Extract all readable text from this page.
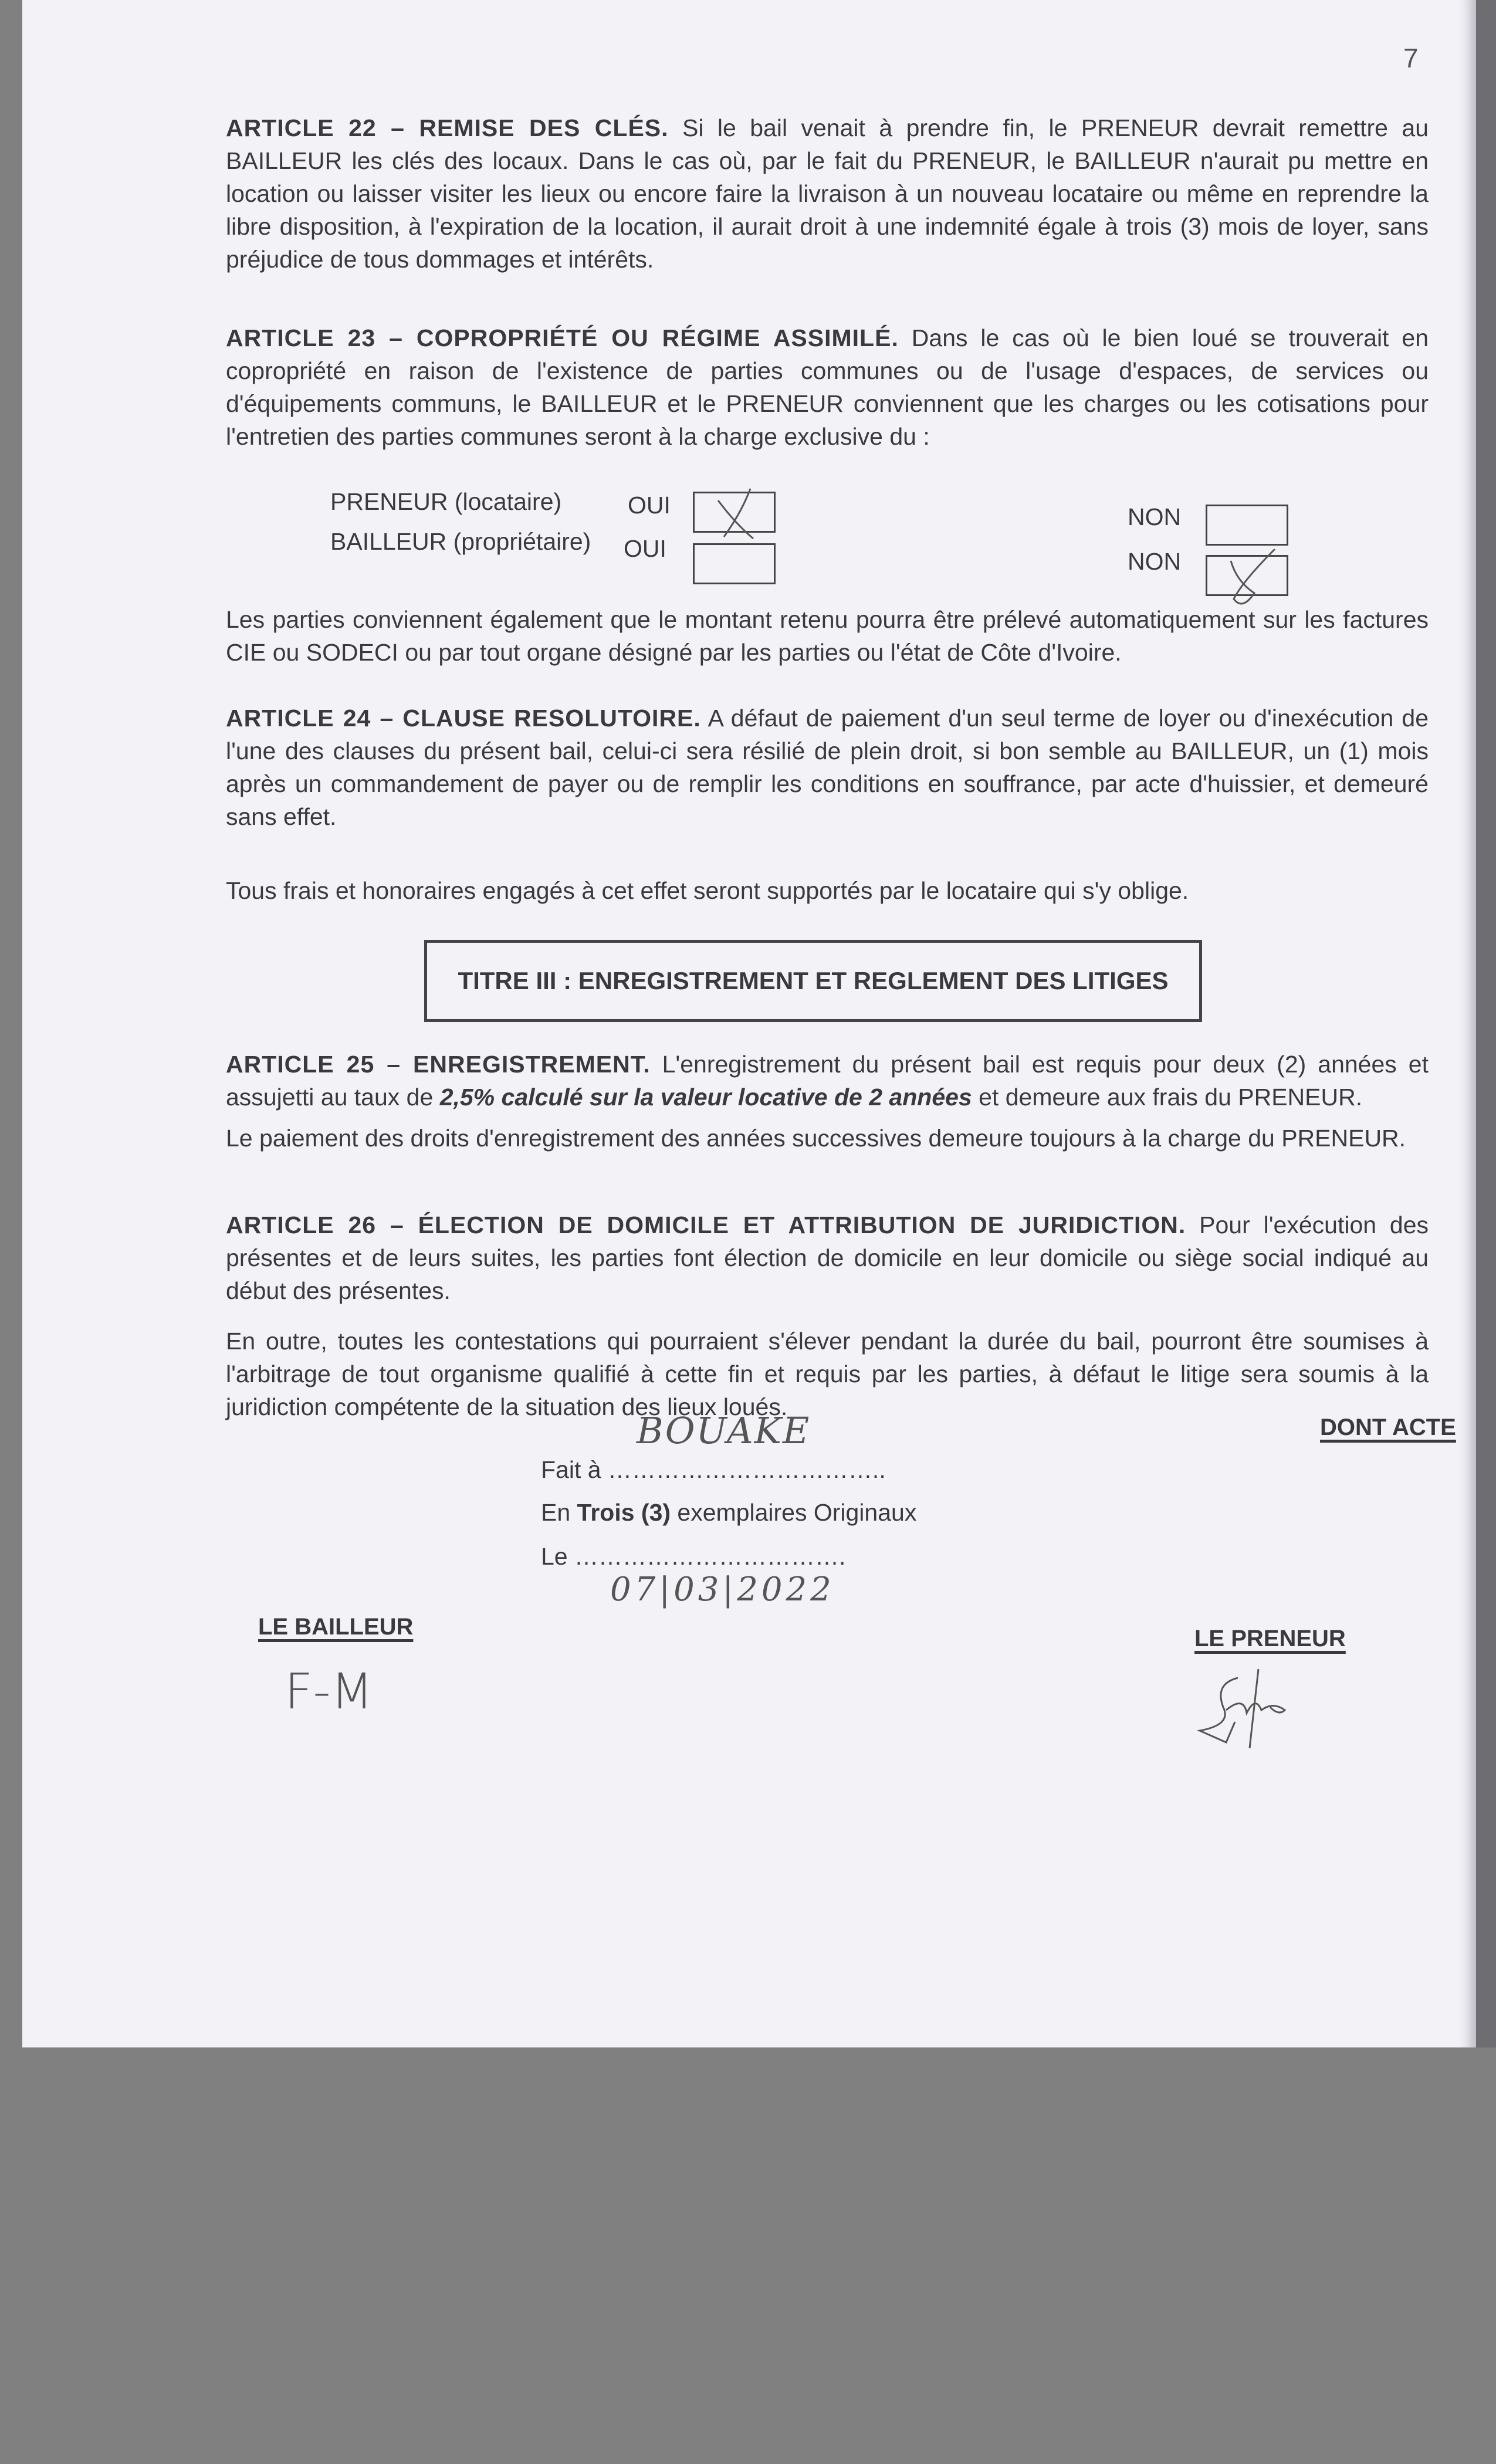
7
ARTICLE 22 – REMISE DES CLÉS. Si le bail venait à prendre fin, le PRENEUR devrait remettre au BAILLEUR les clés des locaux. Dans le cas où, par le fait du PRENEUR, le BAILLEUR n'aurait pu mettre en location ou laisser visiter les lieux ou encore faire la livraison à un nouveau locataire ou même en reprendre la libre disposition, à l'expiration de la location, il aurait droit à une indemnité égale à trois (3) mois de loyer, sans préjudice de tous dommages et intérêts.
ARTICLE 23 – COPROPRIÉTÉ OU RÉGIME ASSIMILÉ. Dans le cas où le bien loué se trouverait en copropriété en raison de l'existence de parties communes ou de l'usage d'espaces, de services ou d'équipements communs, le BAILLEUR et le PRENEUR conviennent que les charges ou les cotisations pour l'entretien des parties communes seront à la charge exclusive du :
PRENEUR (locataire)	OUI	NON
BAILLEUR (propriétaire) OUI	NON
Les parties conviennent également que le montant retenu pourra être prélevé automatiquement sur les factures CIE ou SODECI ou par tout organe désigné par les parties ou l'état de Côte d'Ivoire.
ARTICLE 24 – CLAUSE RESOLUTOIRE. A défaut de paiement d'un seul terme de loyer ou d'inexécution de l'une des clauses du présent bail, celui-ci sera résilié de plein droit, si bon semble au BAILLEUR, un (1) mois après un commandement de payer ou de remplir les conditions en souffrance, par acte d'huissier, et demeuré sans effet.
Tous frais et honoraires engagés à cet effet seront supportés par le locataire qui s'y oblige.
TITRE III : ENREGISTREMENT ET REGLEMENT DES LITIGES
ARTICLE 25 – ENREGISTREMENT. L'enregistrement du présent bail est requis pour deux (2) années et assujetti au taux de 2,5% calculé sur la valeur locative de 2 années et demeure aux frais du PRENEUR.
Le paiement des droits d'enregistrement des années successives demeure toujours à la charge du PRENEUR.
ARTICLE 26 – ÉLECTION DE DOMICILE ET ATTRIBUTION DE JURIDICTION. Pour l'exécution des présentes et de leurs suites, les parties font élection de domicile en leur domicile ou siège social indiqué au début des présentes.
En outre, toutes les contestations qui pourraient s'élever pendant la durée du bail, pourront être soumises à l'arbitrage de tout organisme qualifié à cette fin et requis par les parties, à défaut le litige sera soumis à la juridiction compétente de la situation des lieux loués.
BOUAKE
Fait à ……………………………..
DONT ACTE
En Trois (3) exemplaires Originaux
Le …………………………….
07|03|2022
LE BAILLEUR	LE PRENEUR
F-M
